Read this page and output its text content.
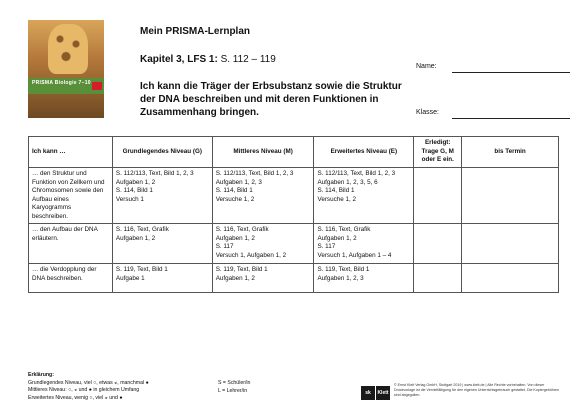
PRISMA Biologie 7–10
Mein PRISMA-Lernplan
Kapitel 3, LFS 1: S. 112 – 119
Ich kann die Träger der Erbsubstanz sowie die Struktur der DNA beschreiben und mit deren Funktionen in Zusammenhang bringen.
Name:
Klasse:
Ich kann …	Grundlegendes Niveau (G)	Mittleres Niveau (M)	Erweitertes Niveau (E)	Erledigt: Trage G, M oder E ein.	bis Termin
… den Struktur und Funktion von Zellkern und Chromosomen sowie den Aufbau eines Karyogramms beschreiben.	S. 112/113, Text, Bild 1, 2, 3
Aufgaben 1, 2
S. 114, Bild 1
Versuch 1	S. 112/113, Text, Bild 1, 2, 3
Aufgaben 1, 2, 3
S. 114, Bild 1
Versuche 1, 2	S. 112/113, Text, Bild 1, 2, 3
Aufgaben 1, 2, 3, 5, 6
S. 114, Bild 1
Versuche 1, 2		
… den Aufbau der DNA erläutern.	S. 116, Text, Grafik
Aufgaben 1, 2	S. 116, Text, Grafik
Aufgaben 1, 2
S. 117
Versuch 1, Aufgaben 1, 2	S. 116, Text, Grafik
Aufgaben 1, 2
S. 117
Versuch 1, Aufgaben 1 – 4		
… die Verdopplung der DNA beschreiben.	S. 119, Text, Bild 1
Aufgabe 1	S. 119, Text, Bild 1
Aufgaben 1, 2	S. 119, Text, Bild 1
Aufgaben 1, 2, 3		
Erklärung:
Grundlegendes Niveau, viel ○, etwas ◒, manchmal ●
Mittleres Niveau: ○, ◒ und ● in gleichem Umfang
Erweitertes Niveau, wenig ○, viel ◒ und ●
S = Schüler/in
L = Lehrer/in	sk	Klett
© Ernst Klett Verlag GmbH, Stuttgart 2019 | www.klett.de | Alle Rechte vorbehalten. Von dieser Druckvorlage ist die Vervielfältigung für den eigenen Unterrichtsgebrauch gestattet. Die Kopiergebühren sind abgegolten.
